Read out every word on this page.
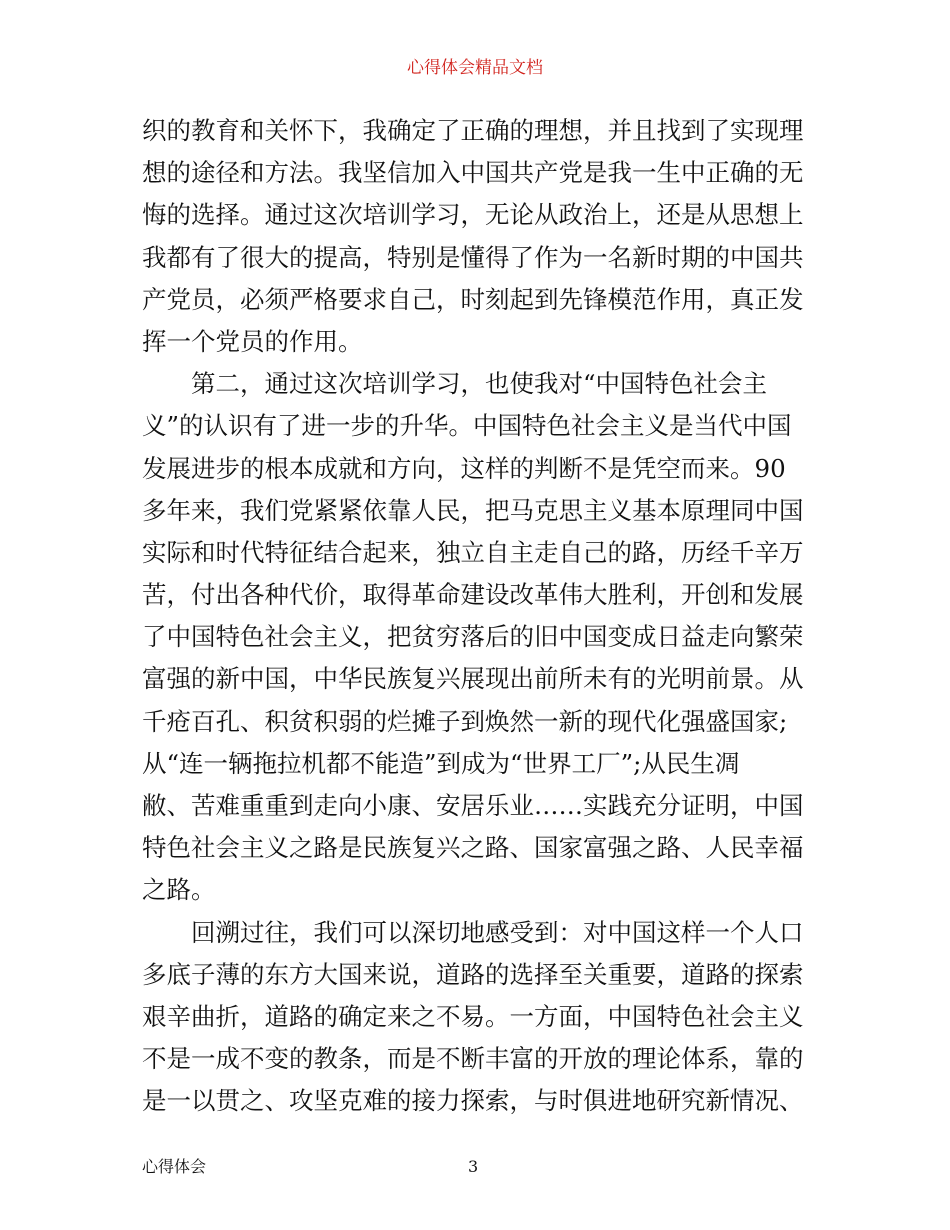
心得体会精品文档
织的教育和关怀下，我确定了正确的理想，并且找到了实现理
想的途径和方法。我坚信加入中国共产党是我一生中正确的无
悔的选择。通过这次培训学习，无论从政治上，还是从思想上
我都有了很大的提高，特别是懂得了作为一名新时期的中国共
产党员，必须严格要求自己，时刻起到先锋模范作用，真正发
挥一个党员的作用。
第二，通过这次培训学习，也使我对“中国特色社会主
义”的认识有了进一步的升华。中国特色社会主义是当代中国
发展进步的根本成就和方向，这样的判断不是凭空而来。90
多年来，我们党紧紧依靠人民，把马克思主义基本原理同中国
实际和时代特征结合起来，独立自主走自己的路，历经千辛万
苦，付出各种代价，取得革命建设改革伟大胜利，开创和发展
了中国特色社会主义，把贫穷落后的旧中国变成日益走向繁荣
富强的新中国，中华民族复兴展现出前所未有的光明前景。从
千疮百孔、积贫积弱的烂摊子到焕然一新的现代化强盛国家;
从“连一辆拖拉机都不能造”到成为“世界工厂”;从民生凋
敝、苦难重重到走向小康、安居乐业……实践充分证明，中国
特色社会主义之路是民族复兴之路、国家富强之路、人民幸福
之路。
回溯过往，我们可以深切地感受到：对中国这样一个人口
多底子薄的东方大国来说，道路的选择至关重要，道路的探索
艰辛曲折，道路的确定来之不易。一方面，中国特色社会主义
不是一成不变的教条，而是不断丰富的开放的理论体系，靠的
是一以贯之、攻坚克难的接力探索，与时俱进地研究新情况、
心得体会	3
